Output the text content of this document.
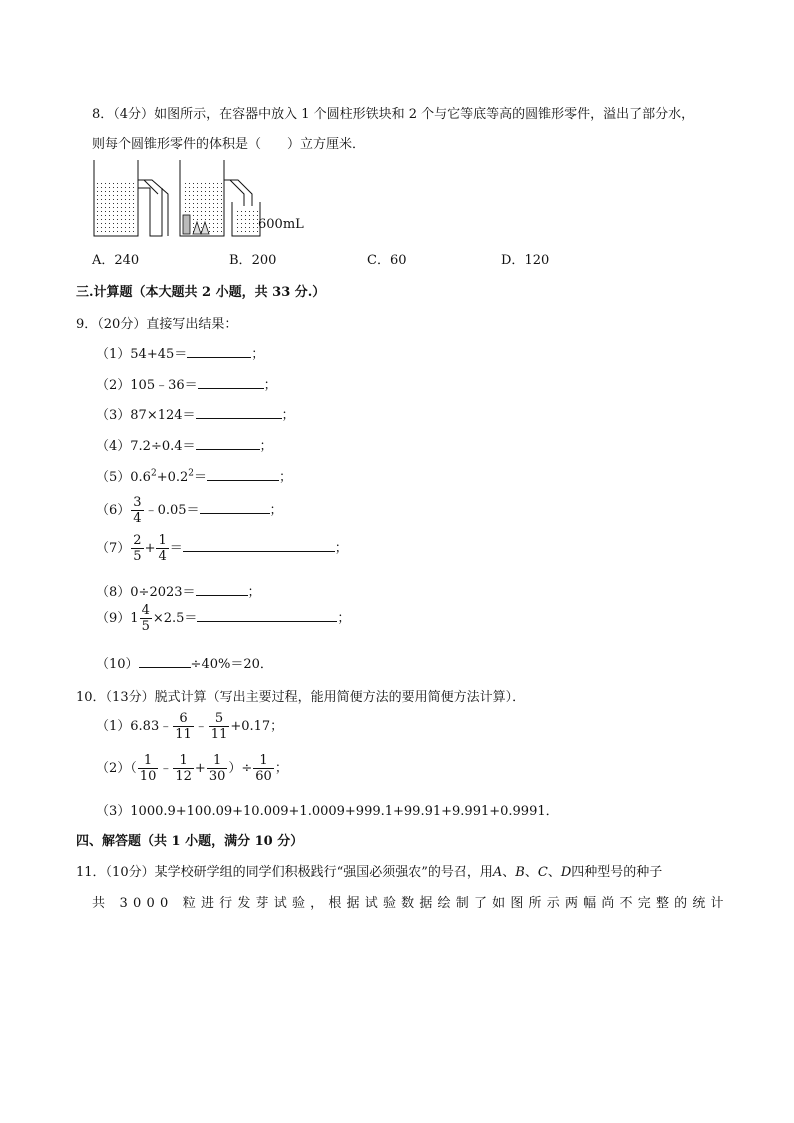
8．（4分）如图所示，在容器中放入 1 个圆柱形铁块和 2 个与它等底等高的圆锥形零件，溢出了部分水，
则每个圆锥形零件的体积是（　　）立方厘米．
600mL
A．240	B．200	C．60	D．120
三.计算题（本大题共 2 小题，共 33 分.）
9．（20分）直接写出结果：
（1）54+45＝	；
（2）105﹣36＝	；
（3）87×124＝	；
（4）7.2÷0.4＝	；
$(5)0.6^2+0.2^2=$	；
$(6) \frac{3}{4}$ ﹣0.05＝	；
$(7) \frac{2}{5} + \frac{1}{4}$ ＝	；
（8）0÷2023＝	；
$(9)1 \frac{4}{5} \times 2.5=$	；
（10）	÷40%＝20．
10．（13分）脱式计算（写出主要过程，能用简便方法的要用简便方法计算）．
（1）6.83﹣ $\frac{6}{11}$ ﹣ $\frac{5}{11} +0.17$；
$(2)( \frac{1}{10}$ ﹣ $\frac{1}{12} + \frac{1}{30}$ ）÷ $\frac{1}{60}$ ；
（3）1000.9+100.09+10.009+1.0009+999.1+99.91+9.991+0.9991．
四、解答题（共 1 小题，满分 10 分）
11．（10分）某学校研学组的同学们积极践行“强国必须强农”的号召，用A、B、C、D四种型号的种子
共 3000 粒进行发芽试验，根据试验数据绘制了如图所示两幅尚不完整的统计
